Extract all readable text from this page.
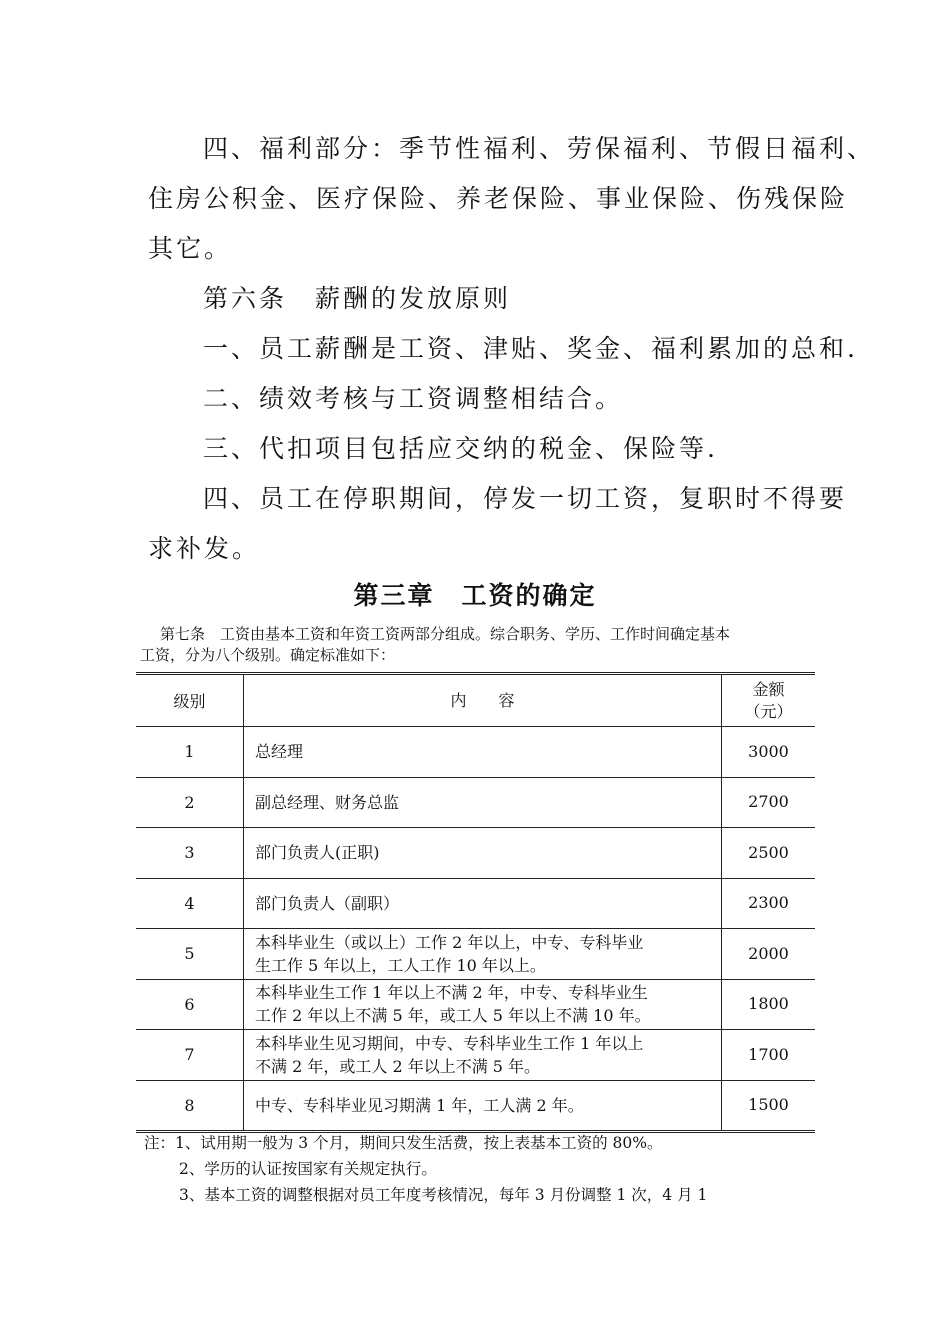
四、福利部分：季节性福利、劳保福利、节假日福利、
住房公积金、医疗保险、养老保险、事业保险、伤残保险
其它。
第六条　薪酬的发放原则
一、员工薪酬是工资、津贴、奖金、福利累加的总和.
二、绩效考核与工资调整相结合。
三、代扣项目包括应交纳的税金、保险等.
四、员工在停职期间，停发一切工资，复职时不得要
求补发。
第三章　工资的确定
第七条　工资由基本工资和年资工资两部分组成。综合职务、学历、工作时间确定基本
工资，分为八个级别。确定标准如下：
级别	内　　容	金额
（元）

1	总经理	3000
2	副总经理、财务总监	2700
3	部门负责人(正职)	2500
4	部门负责人（副职）	2300
5	本科毕业生（或以上）工作 2 年以上，中专、专科毕业
生工作 5 年以上，工人工作 10 年以上。	2000
6	本科毕业生工作 1 年以上不满 2 年，中专、专科毕业生
工作 2 年以上不满 5 年，或工人 5 年以上不满 10 年。	1800
7	本科毕业生见习期间，中专、专科毕业生工作 1 年以上
不满 2 年，或工人 2 年以上不满 5 年。	1700
8	中专、专科毕业见习期满 1 年，工人满 2 年。	1500
注：1、试用期一般为 3 个月，期间只发生活费，按上表基本工资的 80%。
2、学历的认证按国家有关规定执行。
3、基本工资的调整根据对员工年度考核情况，每年 3 月份调整 1 次，4 月 1
